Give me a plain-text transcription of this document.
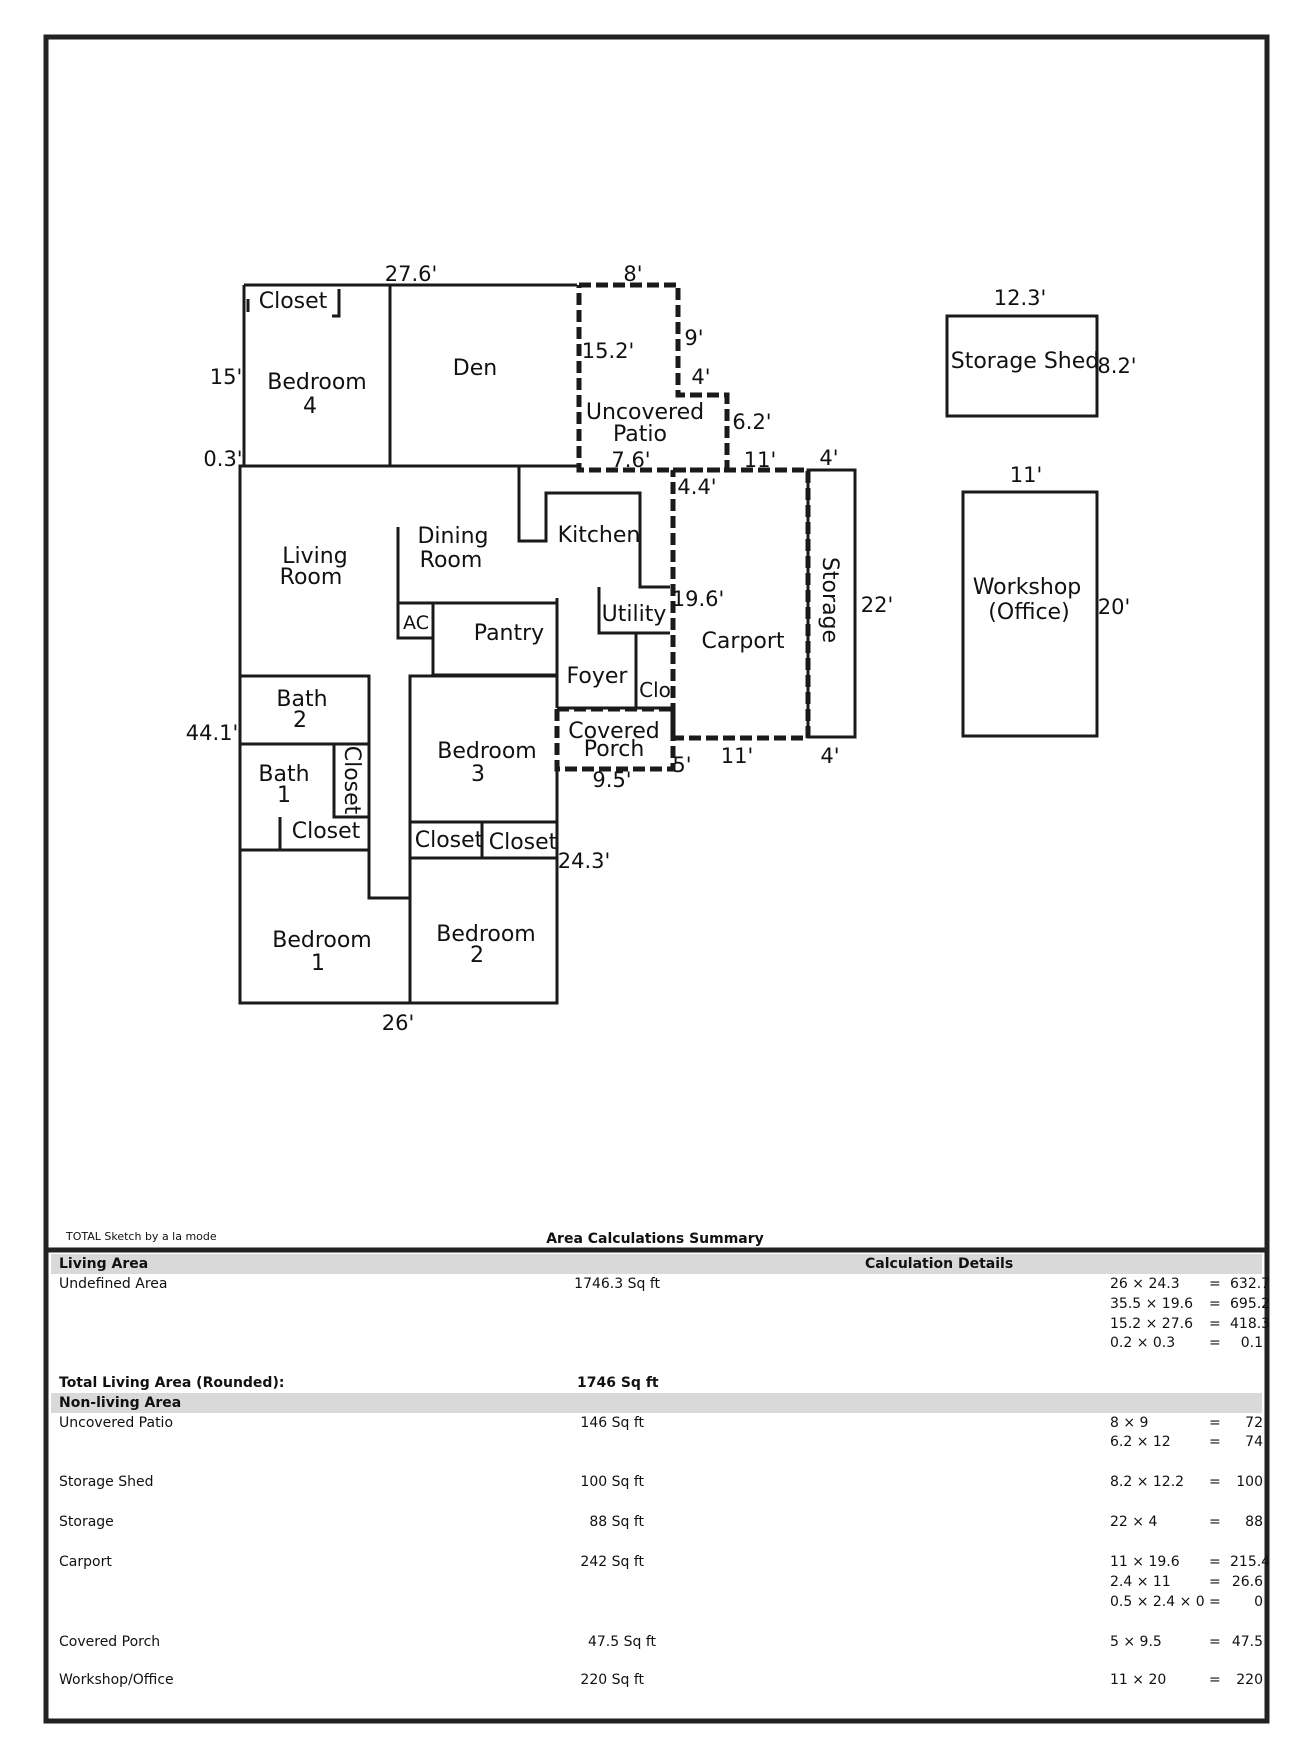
Closet
Bedroom
4
Den
Uncovered
Patio
Living
Room
Dining
Room
Kitchen
AC Pantry
Utility
Foyer
Clo
Covered
Porch
Carport Storage
Bath
2
Bath
1 Closet
Closet
Bedroom
3
Closet Closet
Bedroom
1
Bedroom
2
Storage Shed
Workshop
(Office)
27.6'	8'
15'
0.3'
44.1'
26'
15.2'
9'
4'
6.2'
7.6'	11' 4'
4.4'
19.6'	22'
11'	4'
5'
9.5'
24.3'
12.3'
8.2'
11'
20'
TOTAL Sketch by a la mode	Area Calculations Summary
Living Area	Calculation Details
Undefined Area	1746.3 Sq ft	26 × 24.3 = 632.7
35.5 × 19.6 = 695.2
15.2 × 27.6 = 418.3
0.2 × 0.3 =	0.1
Total Living Area (Rounded):	1746 Sq ft
Non-living Area
Uncovered Patio	146 Sq ft	8 × 9	=	72
6.2 × 12	=	74
Storage Shed	100 Sq ft	8.2 × 12.2 =	100
Storage	88 Sq ft	22 × 4	=	88
Carport	242 Sq ft	11 × 19.6 = 215.4
2.4 × 11	= 26.6
0.5 × 2.4 × 0 =	0
Covered Porch	47.5 Sq ft	5 × 9.5	= 47.5
Workshop/Office	220 Sq ft	11 × 20	=	220
